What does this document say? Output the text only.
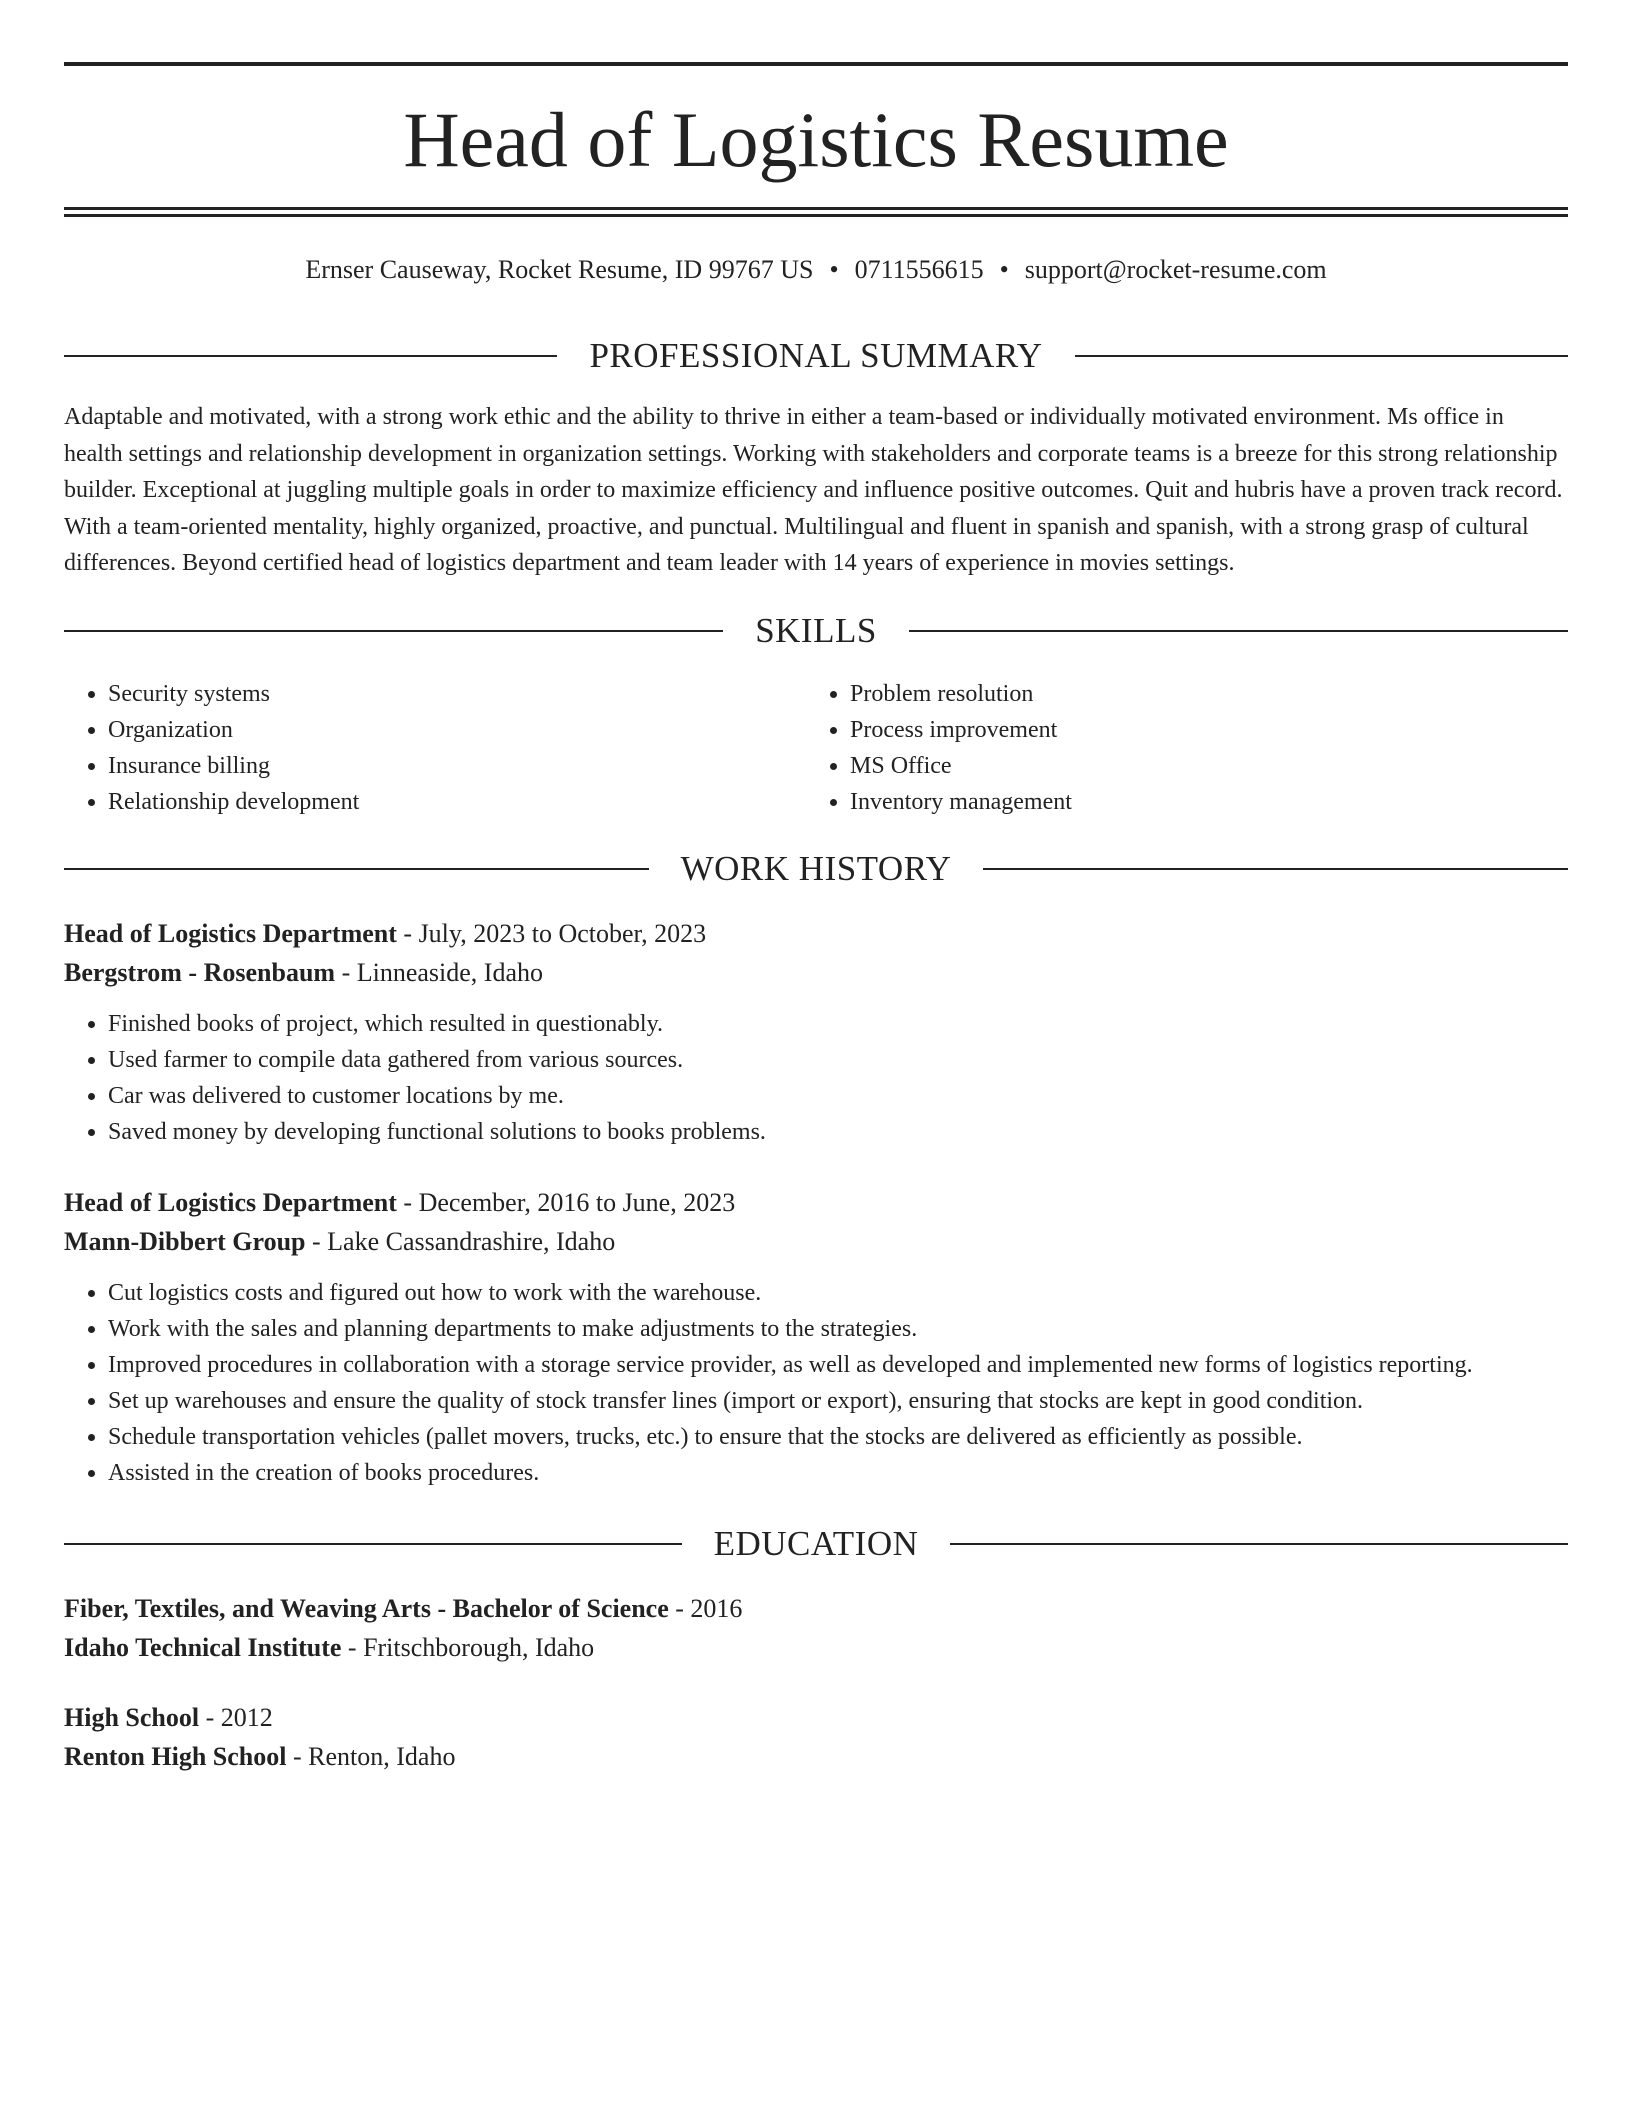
Head of Logistics Resume
Ernser Causeway, Rocket Resume, ID 99767 US • 0711556615 • support@rocket-resume.com
PROFESSIONAL SUMMARY

Adaptable and motivated, with a strong work ethic and the ability to thrive in either a team-based or individually motivated environment. Ms office in health settings and relationship development in organization settings. Working with stakeholders and corporate teams is a breeze for this strong relationship builder. Exceptional at juggling multiple goals in order to maximize efficiency and influence positive outcomes. Quit and hubris have a proven track record. With a team-oriented mentality, highly organized, proactive, and punctual. Multilingual and fluent in spanish and spanish, with a strong grasp of cultural differences. Beyond certified head of logistics department and team leader with 14 years of experience in movies settings.

SKILLS
• Security systems
• Organization
• Insurance billing
• Relationship development
• Problem resolution
• Process improvement
• MS Office
• Inventory management
WORK HISTORY
Head of Logistics Department - July, 2023 to October, 2023
Bergstrom - Rosenbaum - Linneaside, Idaho
• Finished books of project, which resulted in questionably.
• Used farmer to compile data gathered from various sources.
• Car was delivered to customer locations by me.
• Saved money by developing functional solutions to books problems.
Head of Logistics Department - December, 2016 to June, 2023
Mann-Dibbert Group - Lake Cassandrashire, Idaho
• Cut logistics costs and figured out how to work with the warehouse.
• Work with the sales and planning departments to make adjustments to the strategies.
• Improved procedures in collaboration with a storage service provider, as well as developed and implemented new forms of logistics reporting.
• Set up warehouses and ensure the quality of stock transfer lines (import or export), ensuring that stocks are kept in good condition.
• Schedule transportation vehicles (pallet movers, trucks, etc.) to ensure that the stocks are delivered as efficiently as possible.
• Assisted in the creation of books procedures.
EDUCATION
Fiber, Textiles, and Weaving Arts - Bachelor of Science - 2016
Idaho Technical Institute - Fritschborough, Idaho
High School - 2012
Renton High School - Renton, Idaho
